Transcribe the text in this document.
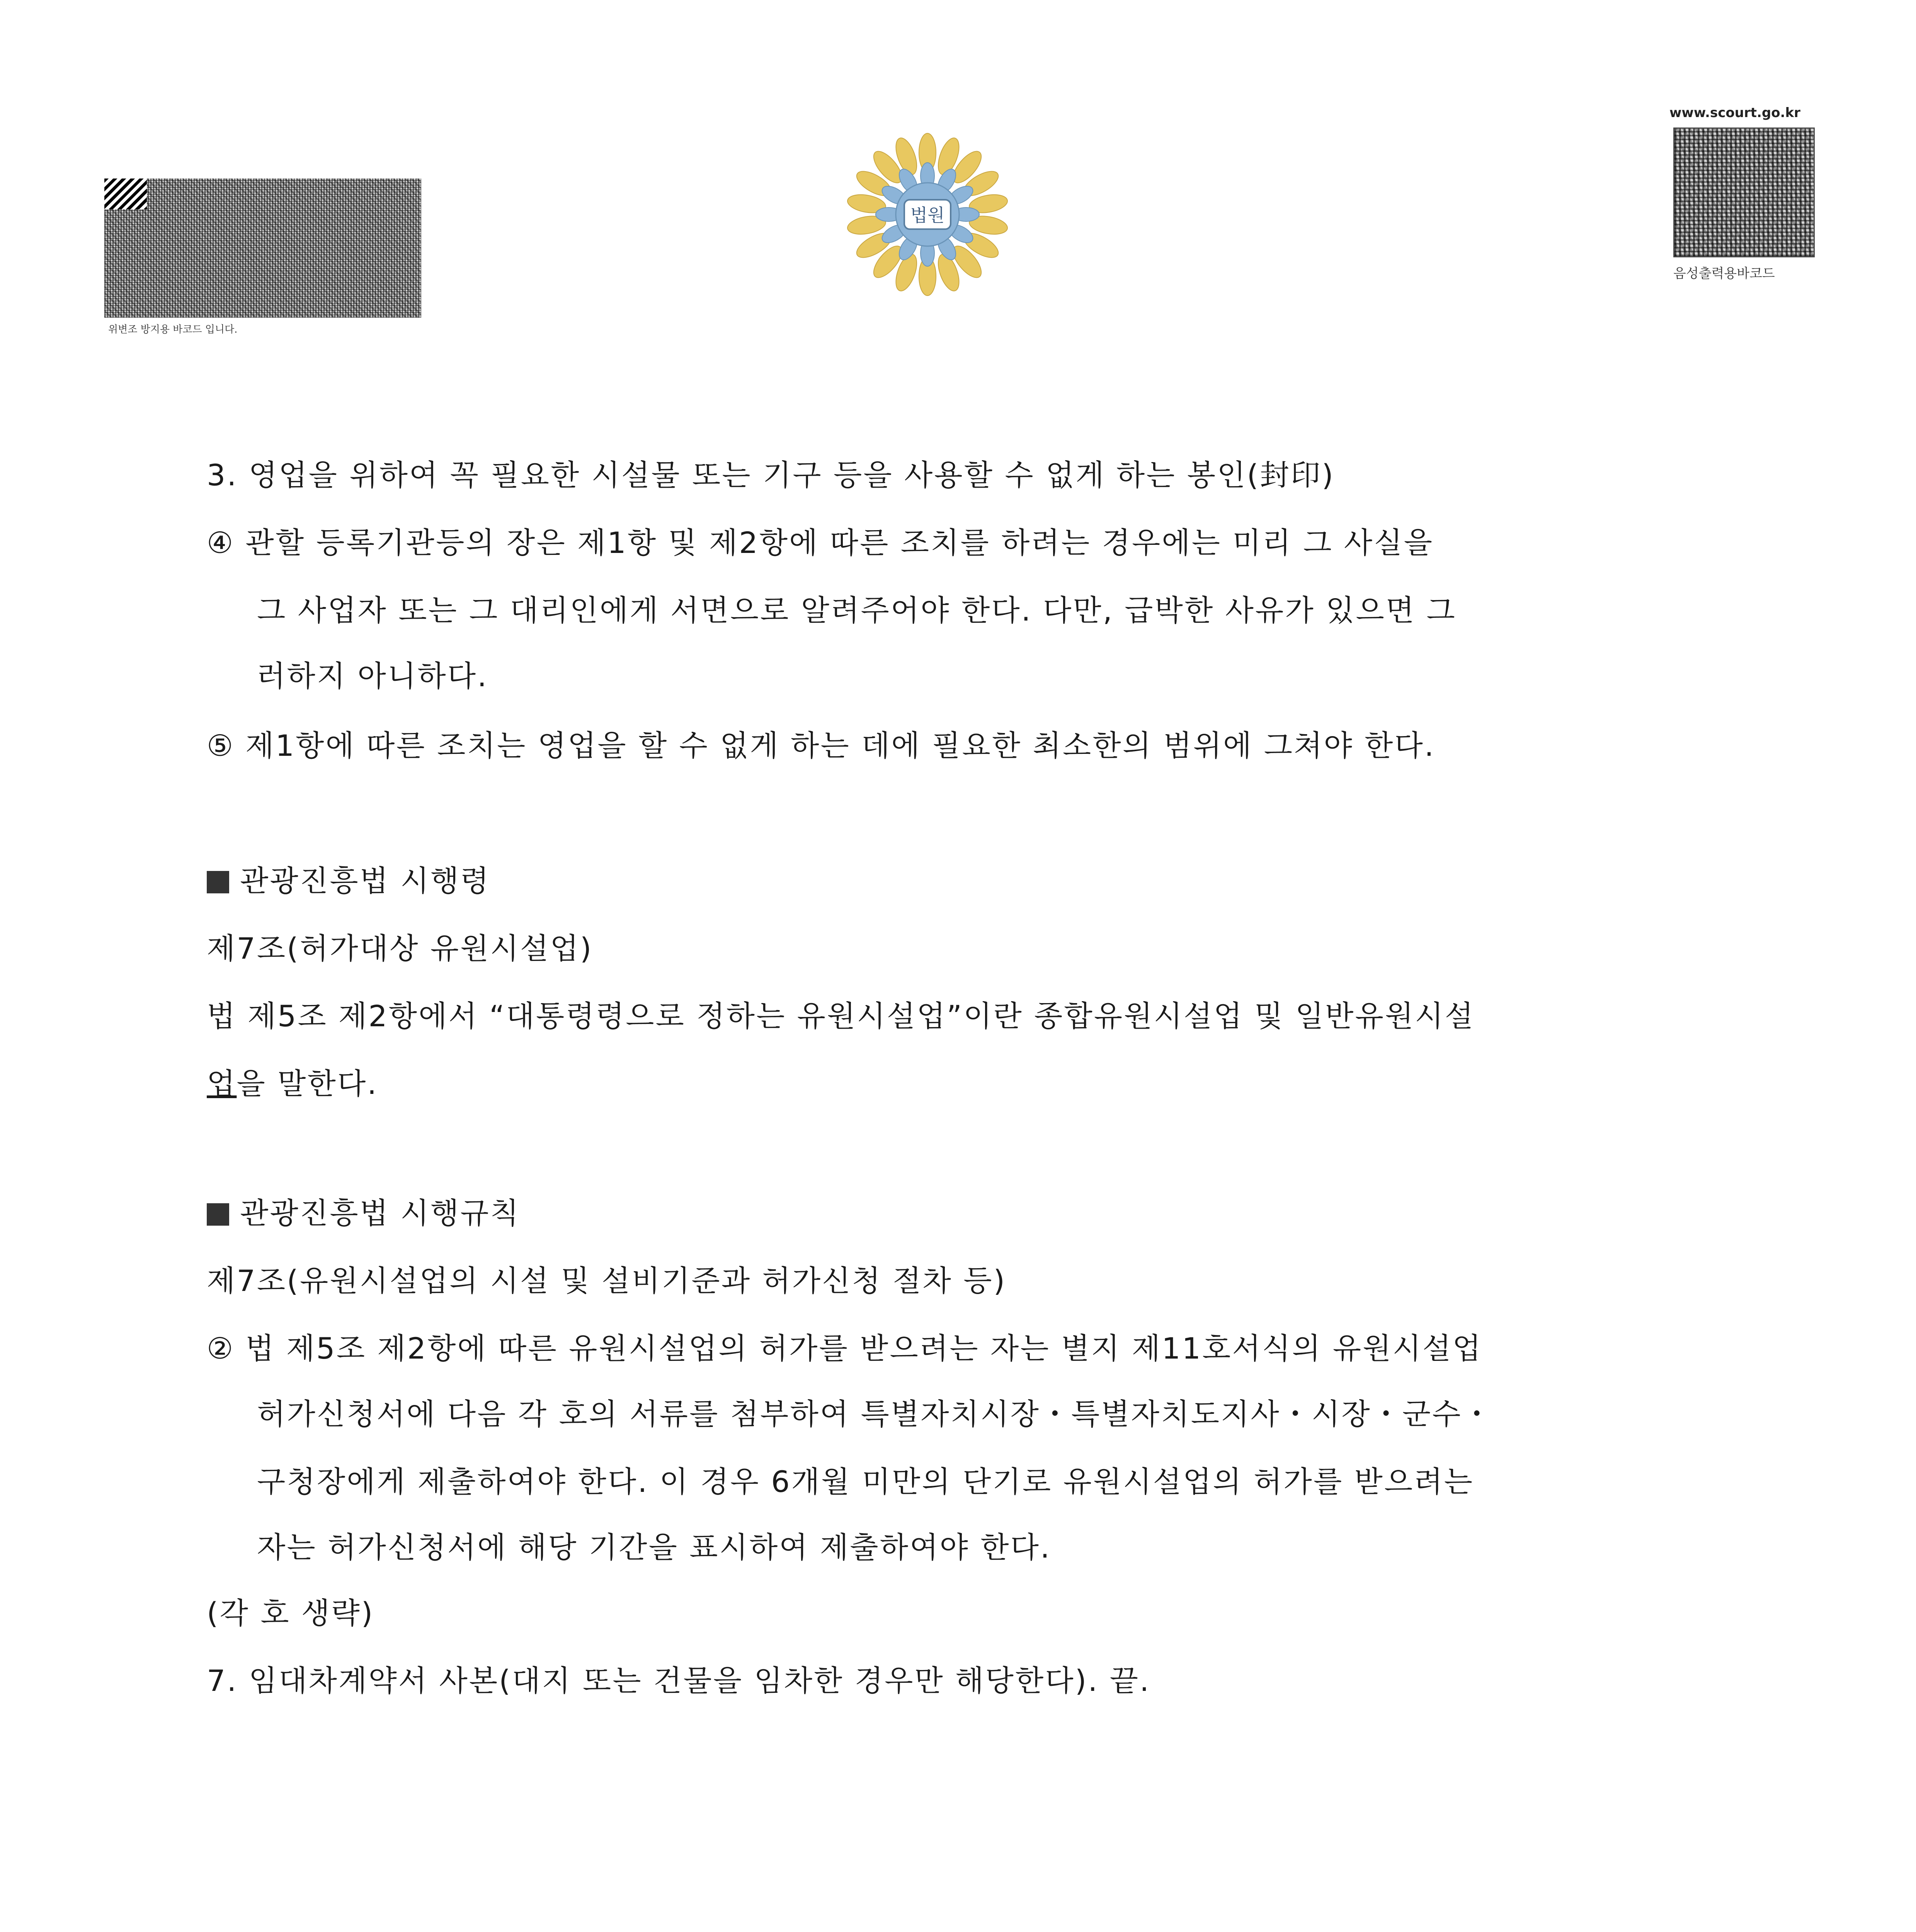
위변조 방지용 바코드 입니다.
법원
www.scourt.go.kr
음성출력용바코드
3. 영업을 위하여 꼭 필요한 시설물 또는 기구 등을 사용할 수 없게 하는 봉인(封印)
④ 관할 등록기관등의 장은 제1항 및 제2항에 따른 조치를 하려는 경우에는 미리 그 사실을
그 사업자 또는 그 대리인에게 서면으로 알려주어야 한다. 다만, 급박한 사유가 있으면 그
러하지 아니하다.
⑤ 제1항에 따른 조치는 영업을 할 수 없게 하는 데에 필요한 최소한의 범위에 그쳐야 한다.
관광진흥법 시행령
제7조(허가대상 유원시설업)
법 제5조 제2항에서 “대통령령으로 정하는 유원시설업”이란 종합유원시설업 및 일반유원시설
업을 말한다.
관광진흥법 시행규칙
제7조(유원시설업의 시설 및 설비기준과 허가신청 절차 등)
② 법 제5조 제2항에 따른 유원시설업의 허가를 받으려는 자는 별지 제11호서식의 유원시설업
허가신청서에 다음 각 호의 서류를 첨부하여 특별자치시장・특별자치도지사・시장・군수・
구청장에게 제출하여야 한다. 이 경우 6개월 미만의 단기로 유원시설업의 허가를 받으려는
자는 허가신청서에 해당 기간을 표시하여 제출하여야 한다.
(각 호 생략)
7. 임대차계약서 사본(대지 또는 건물을 임차한 경우만 해당한다). 끝.
